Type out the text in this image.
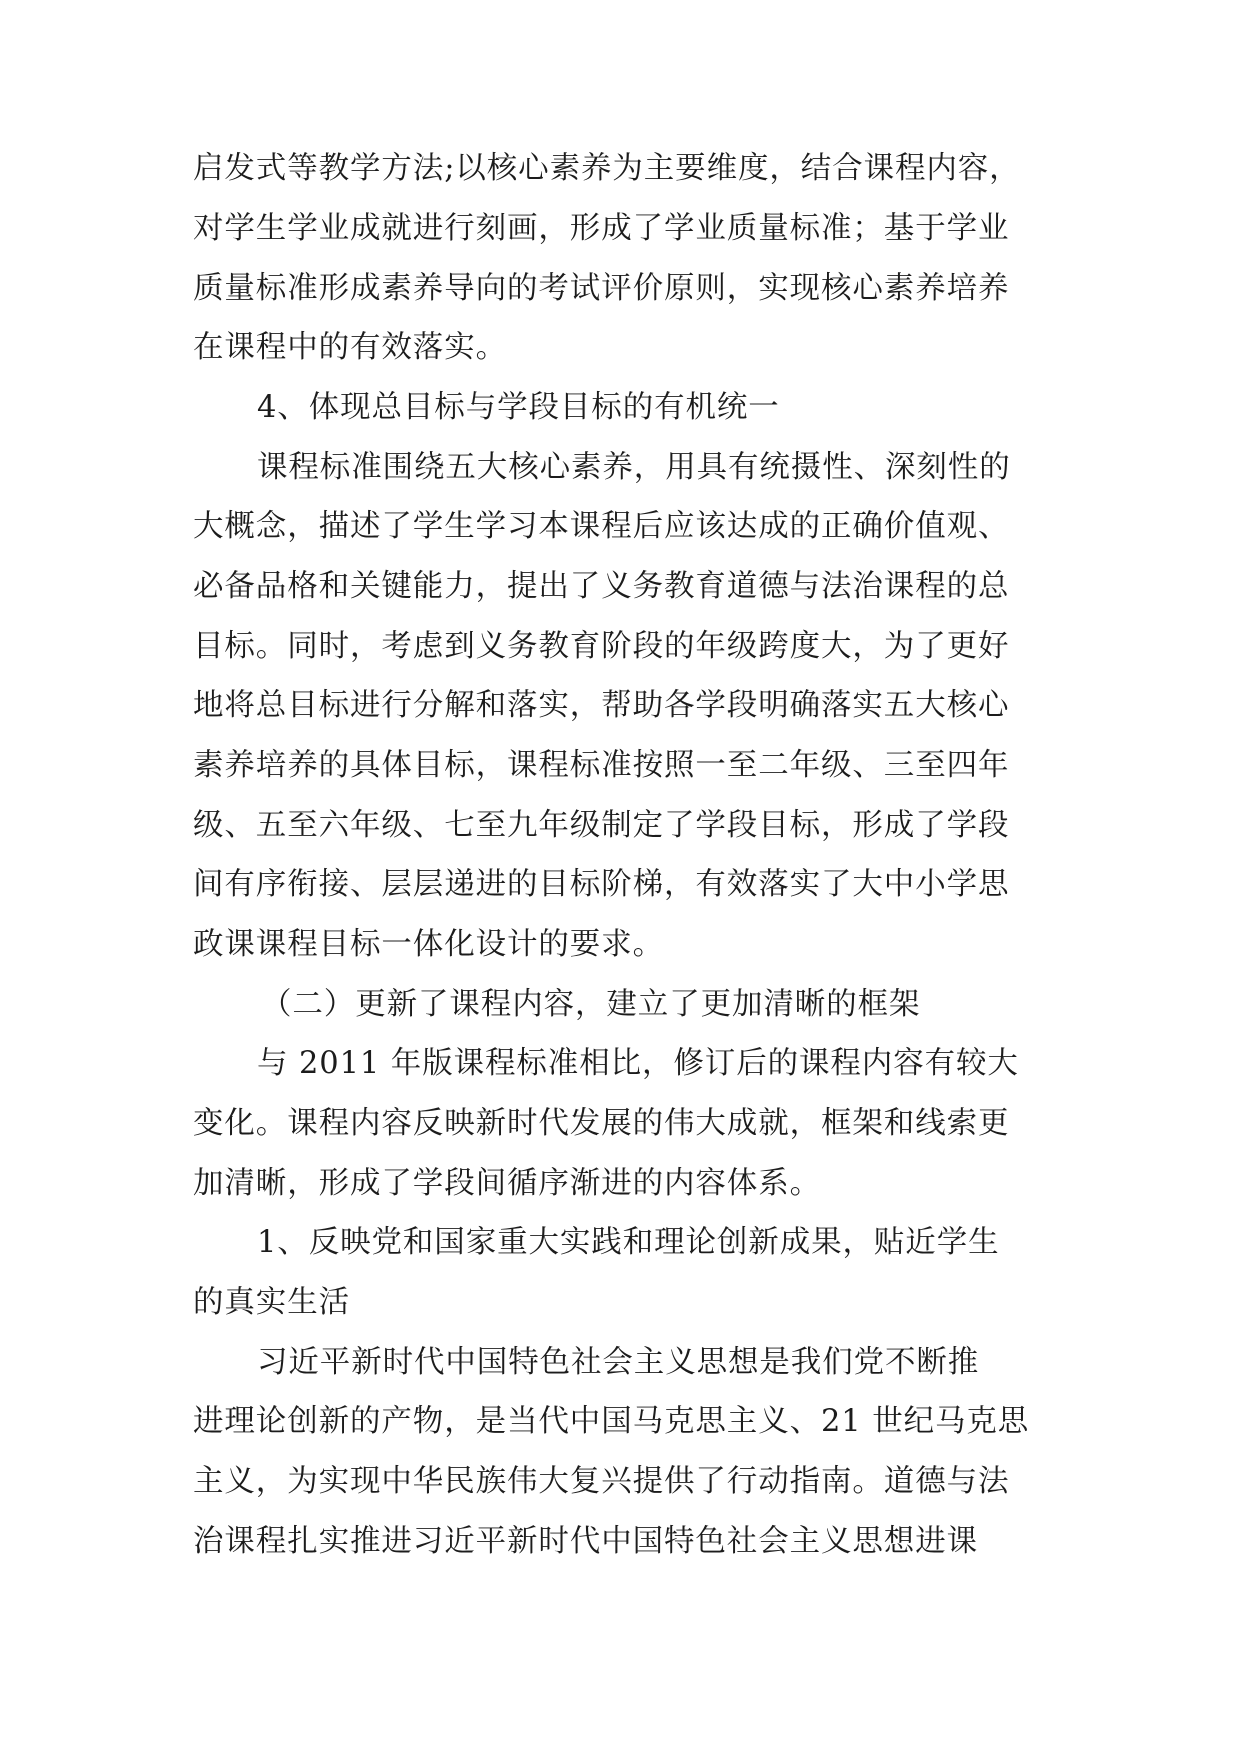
启发式等教学方法;以核心素养为主要维度，结合课程内容，
对学生学业成就进行刻画，形成了学业质量标准；基于学业
质量标准形成素养导向的考试评价原则，实现核心素养培养
在课程中的有效落实。
4、体现总目标与学段目标的有机统一
课程标准围绕五大核心素养，用具有统摄性、深刻性的
大概念，描述了学生学习本课程后应该达成的正确价值观、
必备品格和关键能力，提出了义务教育道德与法治课程的总
目标。同时，考虑到义务教育阶段的年级跨度大，为了更好
地将总目标进行分解和落实，帮助各学段明确落实五大核心
素养培养的具体目标，课程标准按照一至二年级、三至四年
级、五至六年级、七至九年级制定了学段目标，形成了学段
间有序衔接、层层递进的目标阶梯，有效落实了大中小学思
政课课程目标一体化设计的要求。
（二）更新了课程内容，建立了更加清晰的框架
与 2011 年版课程标准相比，修订后的课程内容有较大
变化。课程内容反映新时代发展的伟大成就，框架和线索更
加清晰，形成了学段间循序渐进的内容体系。
1、反映党和国家重大实践和理论创新成果，贴近学生
的真实生活
习近平新时代中国特色社会主义思想是我们党不断推
进理论创新的产物，是当代中国马克思主义、21 世纪马克思
主义，为实现中华民族伟大复兴提供了行动指南。道德与法
治课程扎实推进习近平新时代中国特色社会主义思想进课
